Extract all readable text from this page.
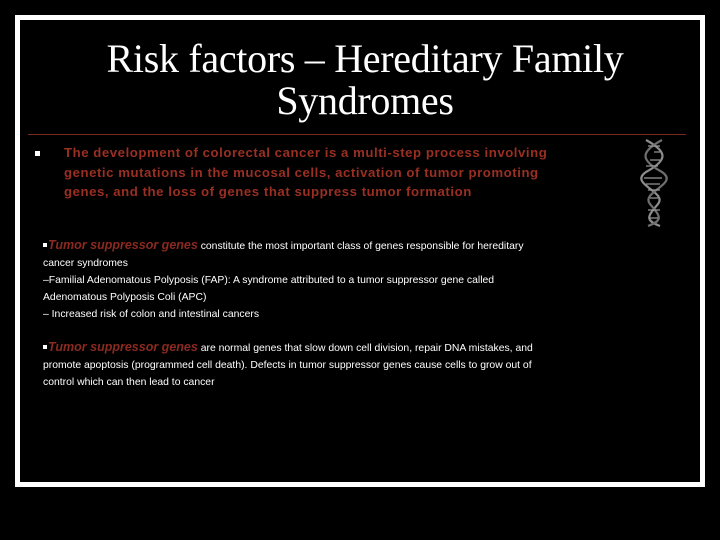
Risk factors – Hereditary Family
Syndromes
The development of colorectal cancer is a multi-step process involving
genetic mutations in the mucosal cells, activation of tumor promoting
genes, and the loss of genes that suppress tumor formation
Tumor suppressor genes constitute the most important class of genes responsible for hereditary
cancer syndromes
–Familial Adenomatous Polyposis (FAP): A syndrome attributed to a tumor suppressor gene called
Adenomatous Polyposis Coli (APC)
– Increased risk of colon and intestinal cancers
Tumor suppressor genes are normal genes that slow down cell division, repair DNA mistakes, and
promote apoptosis (programmed cell death). Defects in tumor suppressor genes cause cells to grow out of
control which can then lead to cancer
